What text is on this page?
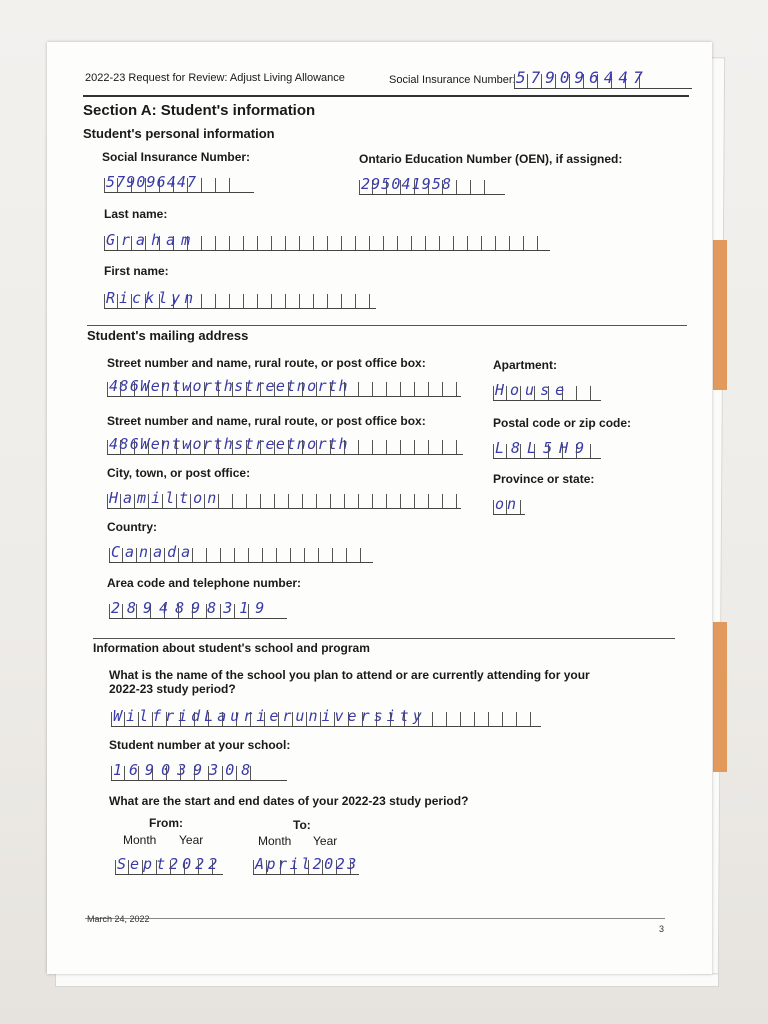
2022-23 Request for Review: Adjust Living Allowance	Social Insurance Number: 579096447
Section A: Student's information
Student's personal information
Social Insurance Number:
579096447
Ontario Education Number (OEN), if assigned:
295041958
Last name:
Graham
First name:
Ricklyn
Student's mailing address
Street number and name, rural route, or post office box:
486Wentworthstreetnorth
Apartment:
House
Street number and name, rural route, or post office box:
486Wentworthstreetnorth
Postal code or zip code:
L8L5H9
City, town, or post office:
Hamilton
Province or state:
on
Country:
Canada
Area code and telephone number:
2894898319
Information about student's school and program
What is the name of the school you plan to attend or are currently attending for your
2022-23 study period?
WilfridLaurieruniversity
Student number at your school:
169039308
What are the start and end dates of your 2022-23 study period?
From:	To:
Month Year	Month Year
Sept2022 April2023
March 24, 2022
3
